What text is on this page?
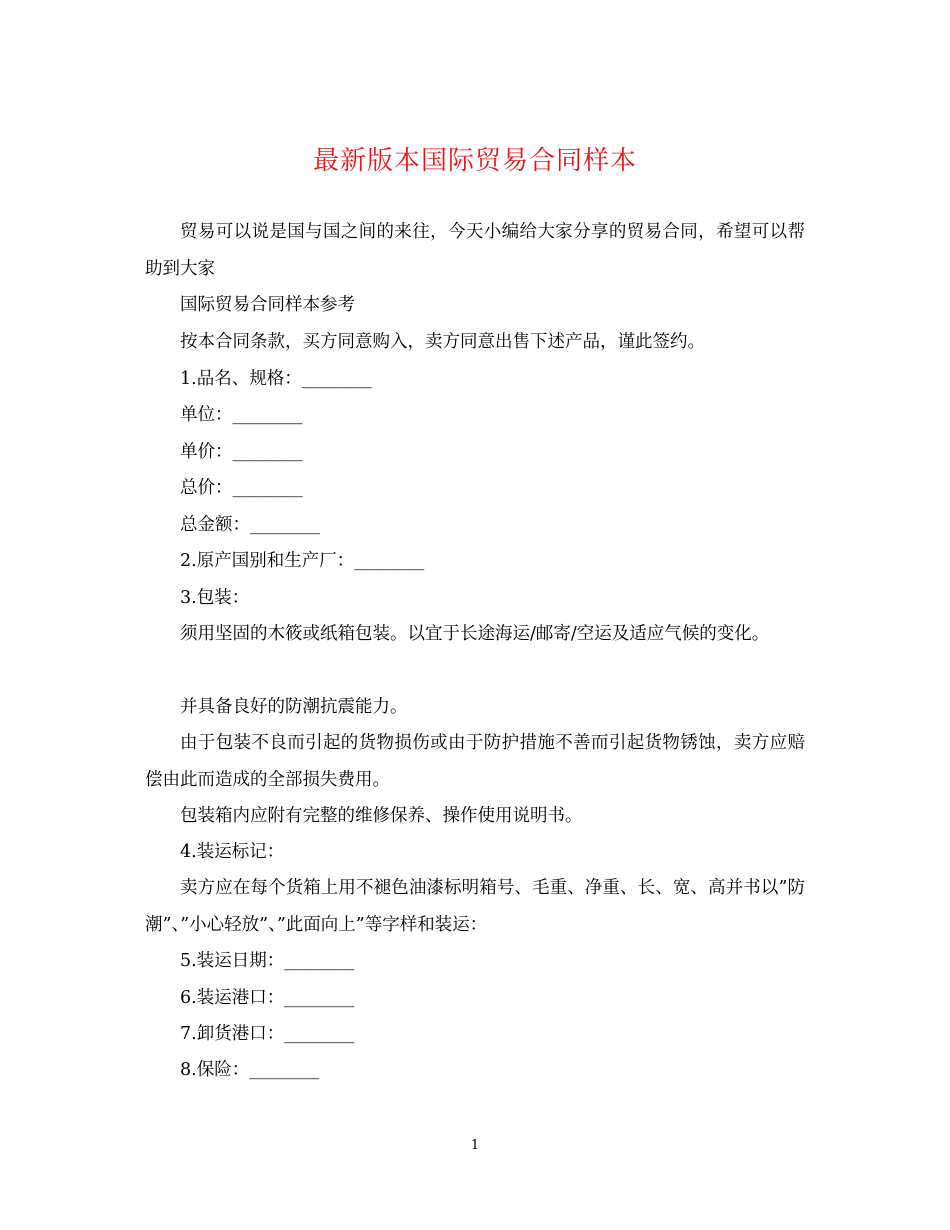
最新版本国际贸易合同样本

贸易可以说是国与国之间的来往，今天小编给大家分享的贸易合同，希望可以帮助到大家

国际贸易合同样本参考

按本合同条款，买方同意购入，卖方同意出售下述产品，谨此签约。

1.品名、规格：________

单位：________

单价：________

总价：________

总金额：________

2.原产国别和生产厂：________

3.包装：

须用坚固的木筱或纸箱包装。以宜于长途海运/邮寄/空运及适应气候的变化。

并具备良好的防潮抗震能力。

由于包装不良而引起的货物损伤或由于防护措施不善而引起货物锈蚀，卖方应赔偿由此而造成的全部损失费用。

包装箱内应附有完整的维修保养、操作使用说明书。

4.装运标记：

卖方应在每个货箱上用不褪色油漆标明箱号、毛重、净重、长、宽、高并书以”防潮”、”小心轻放”、”此面向上”等字样和装运：

5.装运日期：________

6.装运港口：________

7.卸货港口：________

8.保险：________

1
